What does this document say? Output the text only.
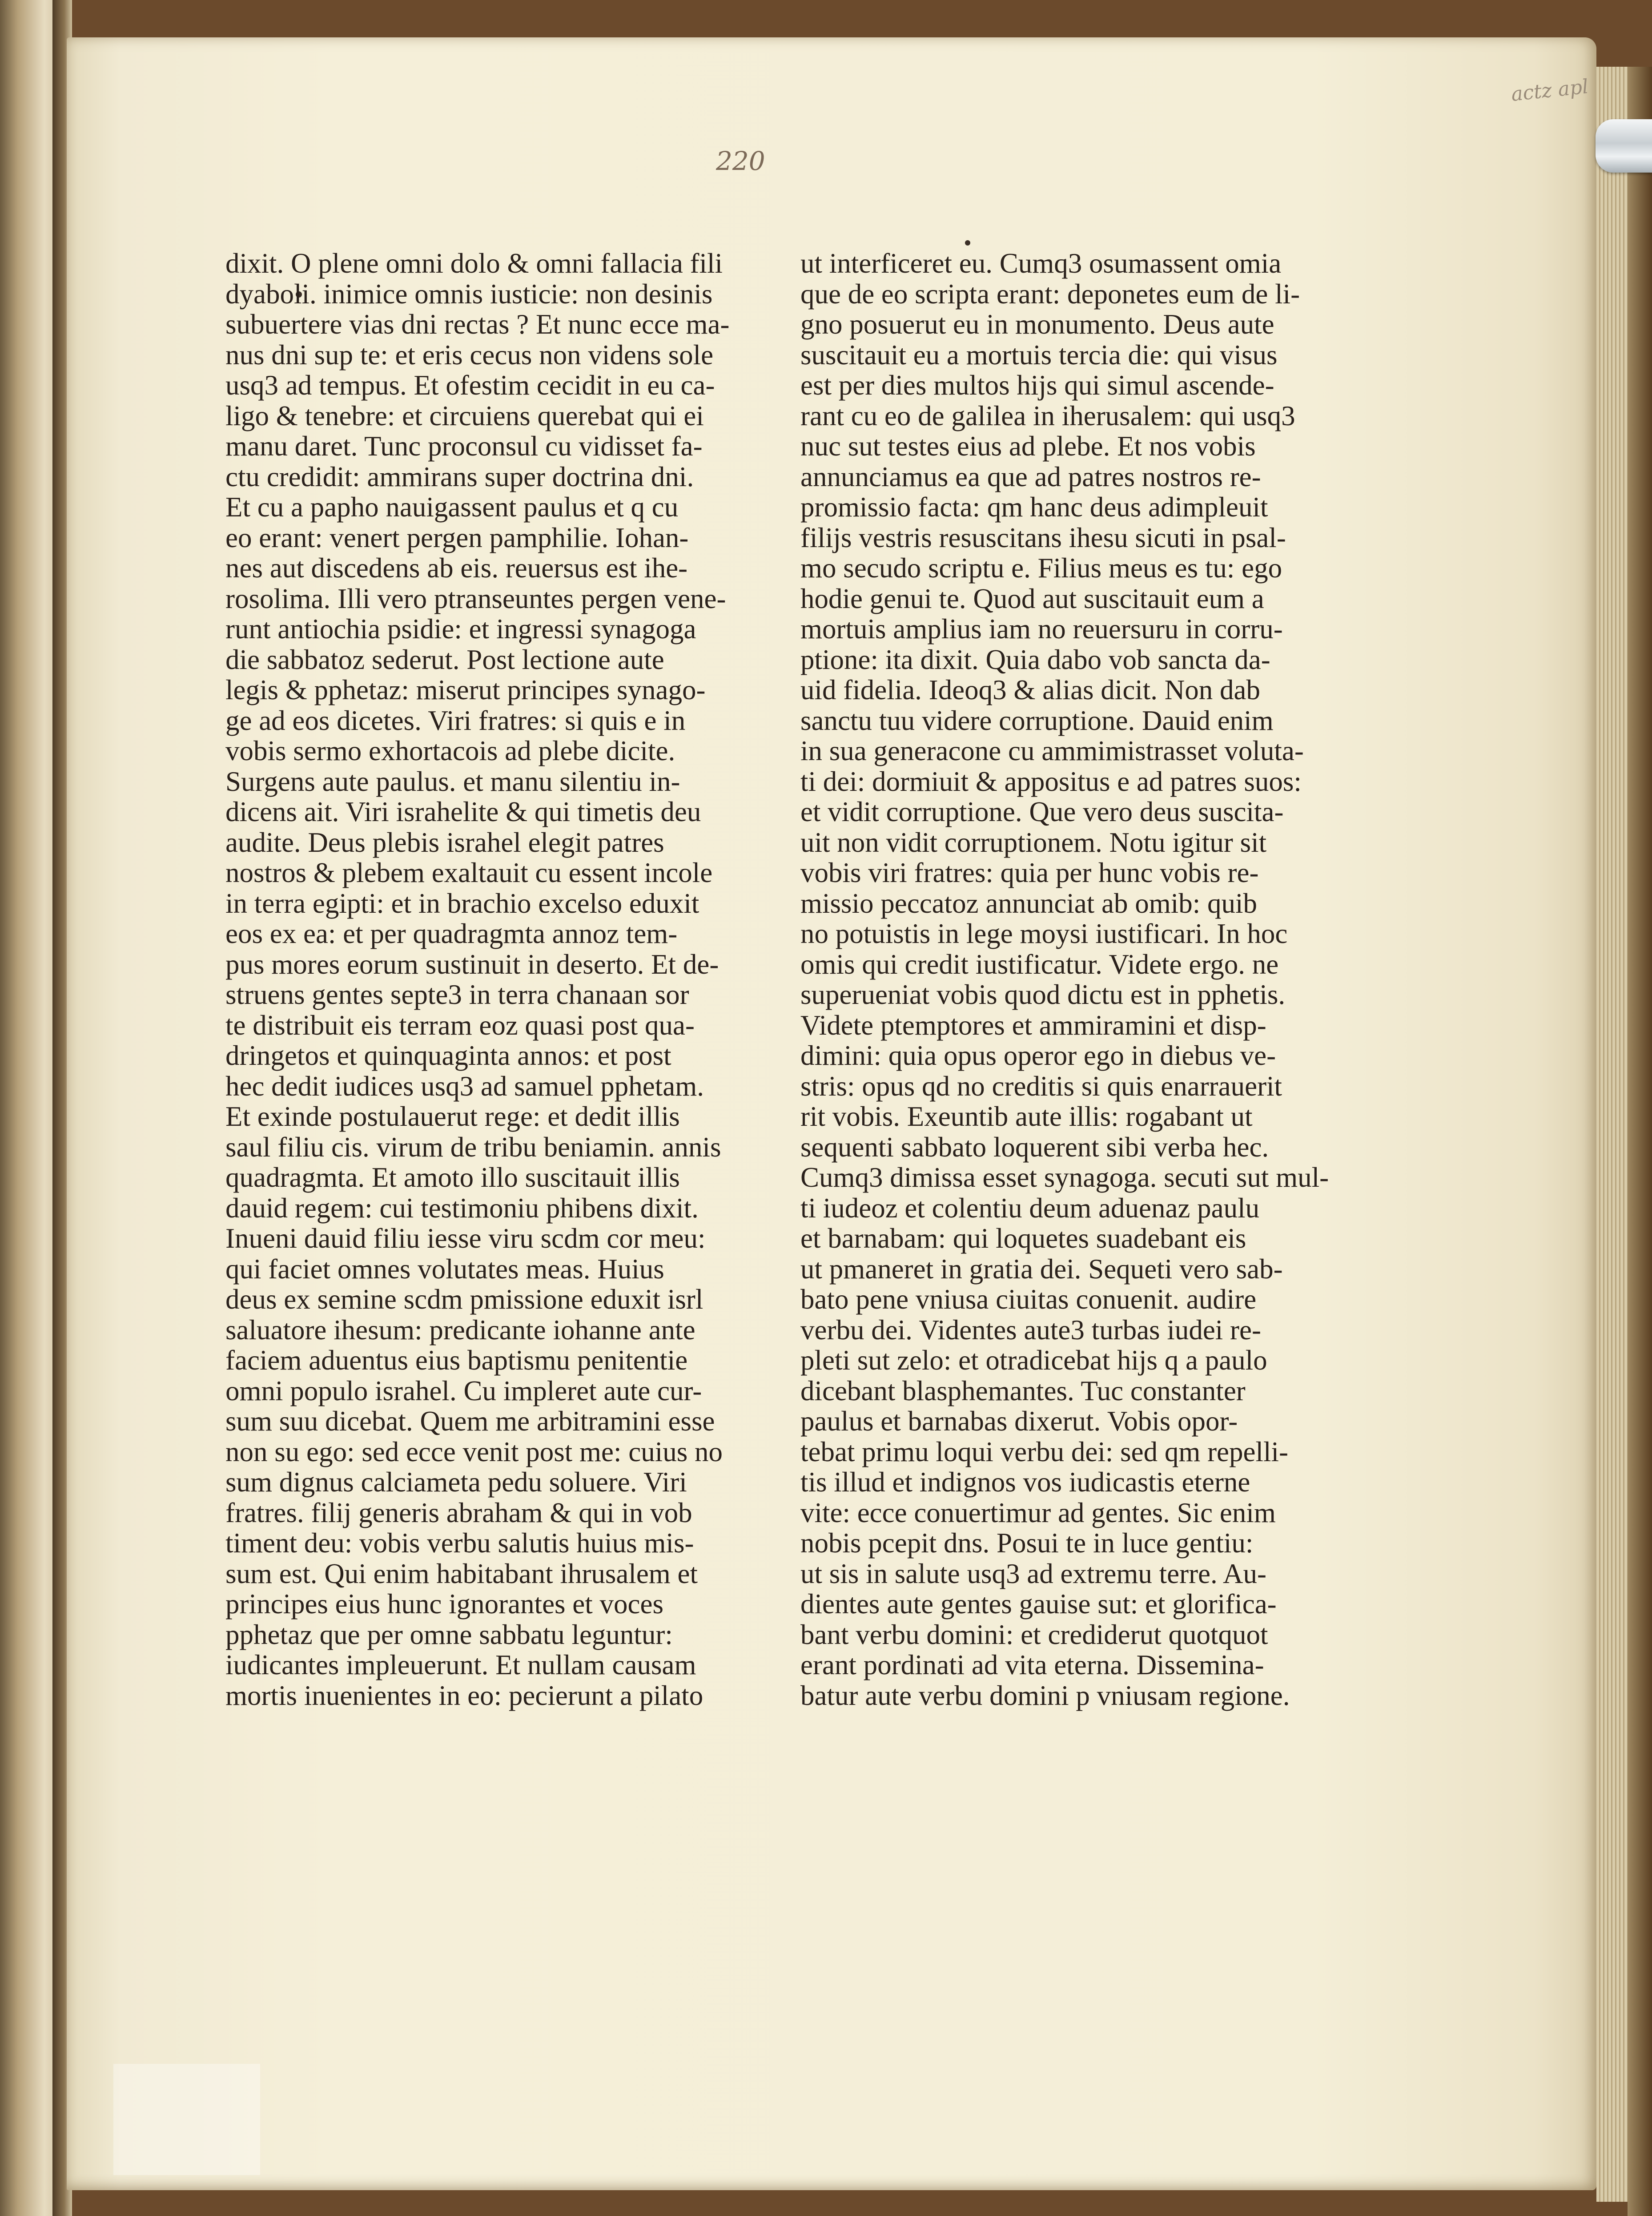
actz apl
220
dixit. O plene omni dolo & omni fallacia fili
dyaboli. inimice omnis iusticie: non desinis
subuertere vias dni rectas ? Et nunc ecce ma-
nus dni sup te: et eris cecus non videns sole
usq3 ad tempus. Et ofestim cecidit in eu ca-
ligo & tenebre: et circuiens querebat qui ei
manu daret. Tunc proconsul cu vidisset fa-
ctu credidit: ammirans super doctrina dni.
Et cu a papho nauigassent paulus et q cu
eo erant: venert pergen pamphilie. Iohan-
nes aut discedens ab eis. reuersus est ihe-
rosolima. Illi vero ptranseuntes pergen vene-
runt antiochia psidie: et ingressi synagoga
die sabbatoz sederut. Post lectione aute
legis & pphetaz: miserut principes synago-
ge ad eos dicetes. Viri fratres: si quis e in
vobis sermo exhortacois ad plebe dicite.
Surgens aute paulus. et manu silentiu in-
dicens ait. Viri israhelite & qui timetis deu
audite. Deus plebis israhel elegit patres
nostros & plebem exaltauit cu essent incole
in terra egipti: et in brachio excelso eduxit
eos ex ea: et per quadragmta annoz tem-
pus mores eorum sustinuit in deserto. Et de-
struens gentes septe3 in terra chanaan sor
te distribuit eis terram eoz quasi post qua-
dringetos et quinquaginta annos: et post
hec dedit iudices usq3 ad samuel pphetam.
Et exinde postulauerut rege: et dedit illis
saul filiu cis. virum de tribu beniamin. annis
quadragmta. Et amoto illo suscitauit illis
dauid regem: cui testimoniu phibens dixit.
Inueni dauid filiu iesse viru scdm cor meu:
qui faciet omnes volutates meas. Huius
deus ex semine scdm pmissione eduxit isrl
saluatore ihesum: predicante iohanne ante
faciem aduentus eius baptismu penitentie
omni populo israhel. Cu impleret aute cur-
sum suu dicebat. Quem me arbitramini esse
non su ego: sed ecce venit post me: cuius no
sum dignus calciameta pedu soluere. Viri
fratres. filij generis abraham & qui in vob
timent deu: vobis verbu salutis huius mis-
sum est. Qui enim habitabant ihrusalem et
principes eius hunc ignorantes et voces
pphetaz que per omne sabbatu leguntur:
iudicantes impleuerunt. Et nullam causam
mortis inuenientes in eo: pecierunt a pilato
ut interficeret eu. Cumq3 osumassent omia
que de eo scripta erant: deponetes eum de li-
gno posuerut eu in monumento. Deus aute
suscitauit eu a mortuis tercia die: qui visus
est per dies multos hijs qui simul ascende-
rant cu eo de galilea in iherusalem: qui usq3
nuc sut testes eius ad plebe. Et nos vobis
annunciamus ea que ad patres nostros re-
promissio facta: qm hanc deus adimpleuit
filijs vestris resuscitans ihesu sicuti in psal-
mo secudo scriptu e. Filius meus es tu: ego
hodie genui te. Quod aut suscitauit eum a
mortuis amplius iam no reuersuru in corru-
ptione: ita dixit. Quia dabo vob sancta da-
uid fidelia. Ideoq3 & alias dicit. Non dab
sanctu tuu videre corruptione. Dauid enim
in sua generacone cu ammimistrasset voluta-
ti dei: dormiuit & appositus e ad patres suos:
et vidit corruptione. Que vero deus suscita-
uit non vidit corruptionem. Notu igitur sit
vobis viri fratres: quia per hunc vobis re-
missio peccatoz annunciat ab omib: quib
no potuistis in lege moysi iustificari. In hoc
omis qui credit iustificatur. Videte ergo. ne
superueniat vobis quod dictu est in pphetis.
Videte ptemptores et ammiramini et disp-
dimini: quia opus operor ego in diebus ve-
stris: opus qd no creditis si quis enarrauerit
rit vobis. Exeuntib aute illis: rogabant ut
sequenti sabbato loquerent sibi verba hec.
Cumq3 dimissa esset synagoga. secuti sut mul-
ti iudeoz et colentiu deum aduenaz paulu
et barnabam: qui loquetes suadebant eis
ut pmaneret in gratia dei. Sequeti vero sab-
bato pene vniusa ciuitas conuenit. audire
verbu dei. Videntes aute3 turbas iudei re-
pleti sut zelo: et otradicebat hijs q a paulo
dicebant blasphemantes. Tuc constanter
paulus et barnabas dixerut. Vobis opor-
tebat primu loqui verbu dei: sed qm repelli-
tis illud et indignos vos iudicastis eterne
vite: ecce conuertimur ad gentes. Sic enim
nobis pcepit dns. Posui te in luce gentiu:
ut sis in salute usq3 ad extremu terre. Au-
dientes aute gentes gauise sut: et glorifica-
bant verbu domini: et crediderut quotquot
erant pordinati ad vita eterna. Dissemina-
batur aute verbu domini p vniusam regione.
